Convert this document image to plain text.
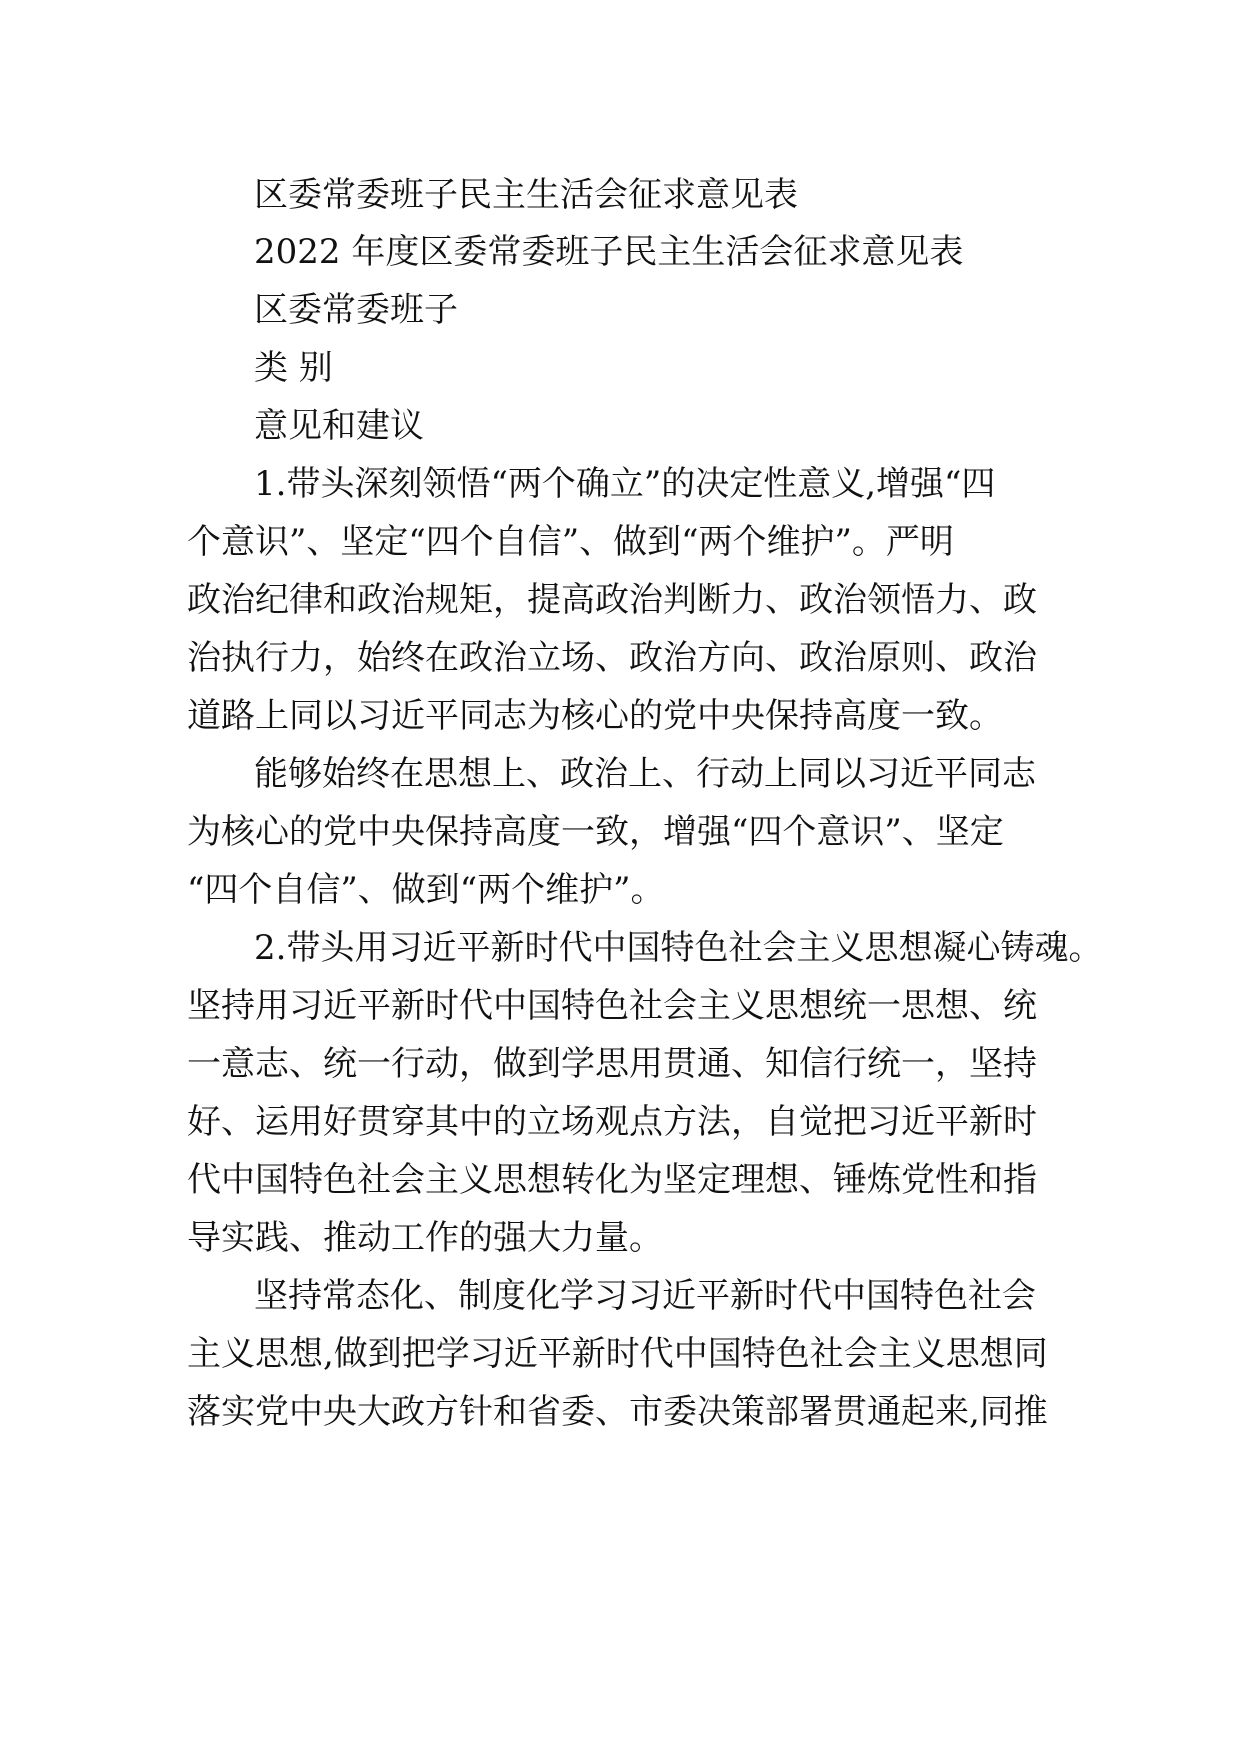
区委常委班子民主生活会征求意见表
2022 年度区委常委班子民主生活会征求意见表
区委常委班子
类 别
意见和建议
1.带头深刻领悟“两个确立”的决定性意义,增强“四
个意识”、坚定“四个自信”、做到“两个维护”。严明
政治纪律和政治规矩，提高政治判断力、政治领悟力、政
治执行力，始终在政治立场、政治方向、政治原则、政治
道路上同以习近平同志为核心的党中央保持高度一致。
能够始终在思想上、政治上、行动上同以习近平同志
为核心的党中央保持高度一致，增强“四个意识”、坚定
“四个自信”、做到“两个维护”。
2.带头用习近平新时代中国特色社会主义思想凝心铸魂。
坚持用习近平新时代中国特色社会主义思想统一思想、统
一意志、统一行动，做到学思用贯通、知信行统一，坚持
好、运用好贯穿其中的立场观点方法，自觉把习近平新时
代中国特色社会主义思想转化为坚定理想、锤炼党性和指
导实践、推动工作的强大力量。
坚持常态化、制度化学习习近平新时代中国特色社会
主义思想,做到把学习近平新时代中国特色社会主义思想同
落实党中央大政方针和省委、市委决策部署贯通起来,同推
